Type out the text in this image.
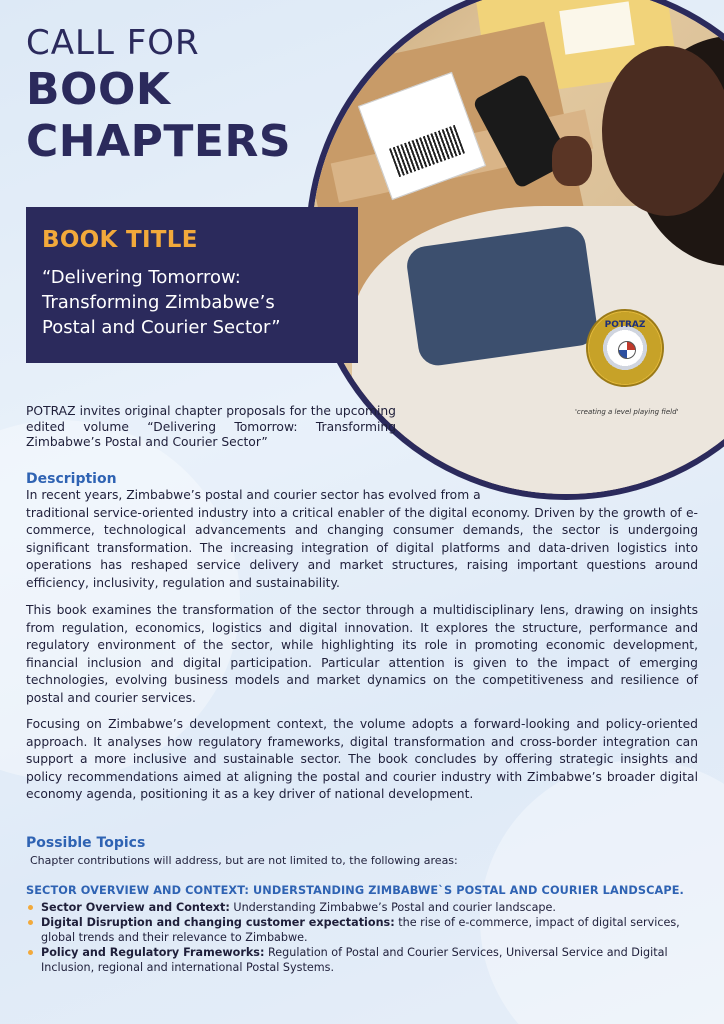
CALL FOR
BOOK
CHAPTERS
BOOK TITLE
“Delivering Tomorrow:
Transforming Zimbabwe’s
Postal and Courier Sector”	POTRAZ
'creating a level playing field'

POTRAZ invites original chapter proposals for the upcoming edited volume “Delivering Tomorrow: Transforming Zimbabwe’s Postal and Courier Sector”

Description
In recent years, Zimbabwe’s postal and courier sector has evolved from a
traditional service-oriented industry into a critical enabler of the digital economy. Driven by the growth of e-commerce, technological advancements and changing consumer demands, the sector is undergoing significant transformation. The increasing integration of digital platforms and data-driven logistics into operations has reshaped service delivery and market structures, raising important questions around efficiency, inclusivity, regulation and sustainability.
This book examines the transformation of the sector through a multidisciplinary lens, drawing on insights from regulation, economics, logistics and digital innovation. It explores the structure, performance and regulatory environment of the sector, while highlighting its role in promoting economic development, financial inclusion and digital participation. Particular attention is given to the impact of emerging technologies, evolving business models and market dynamics on the competitiveness and resilience of postal and courier services.
Focusing on Zimbabwe’s development context, the volume adopts a forward-looking and policy-oriented approach. It analyses how regulatory frameworks, digital transformation and cross-border integration can support a more inclusive and sustainable sector. The book concludes by offering strategic insights and policy recommendations aimed at aligning the postal and courier industry with Zimbabwe’s broader digital economy agenda, positioning it as a key driver of national development.
Possible Topics
Chapter contributions will address, but are not limited to, the following areas:
SECTOR OVERVIEW AND CONTEXT: UNDERSTANDING ZIMBABWE`S POSTAL AND COURIER LANDSCAPE.
Sector Overview and Context: Understanding Zimbabwe’s Postal and courier landscape.
Digital Disruption and changing customer expectations: the rise of e-commerce, impact of digital services, global trends and their relevance to Zimbabwe.
Policy and Regulatory Frameworks: Regulation of Postal and Courier Services, Universal Service and Digital Inclusion, regional and international Postal Systems.
